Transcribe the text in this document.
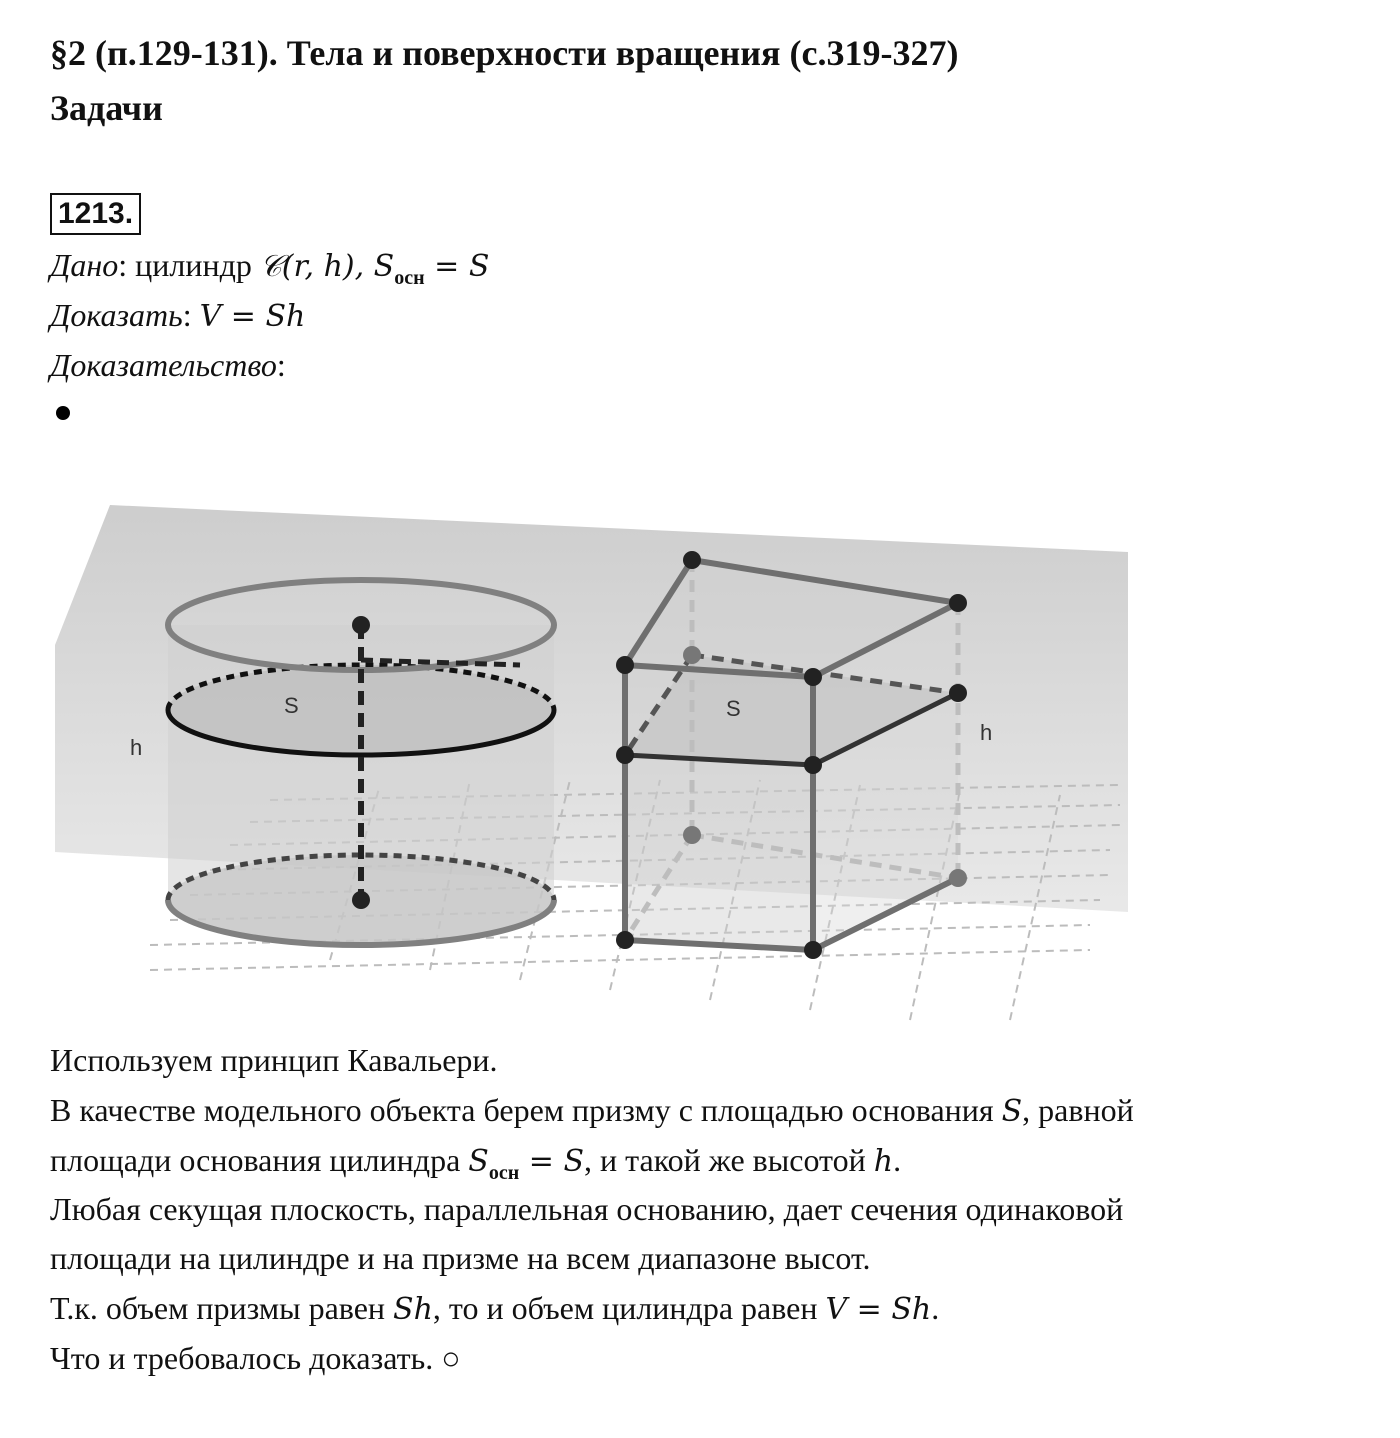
§2 (п.129-131). Тела и поверхности вращения (с.319-327)
Задачи
1213.
Дано: цилиндр 𝒞(r, h), $S_{осн} = S$
Доказать: V = Sh
Доказательство:
S
h
S
h
Используем принцип Кавальери.
В качестве модельного объекта берем призму с площадью основания S, равной
площади основания цилиндра $S_{осн} = S$, и такой же высотой h.
Любая секущая плоскость, параллельная основанию, дает сечения одинаковой
площади на цилиндре и на призме на всем диапазоне высот.
Т.к. объем призмы равен Sh, то и объем цилиндра равен V = Sh.
Что и требовалось доказать. ○
